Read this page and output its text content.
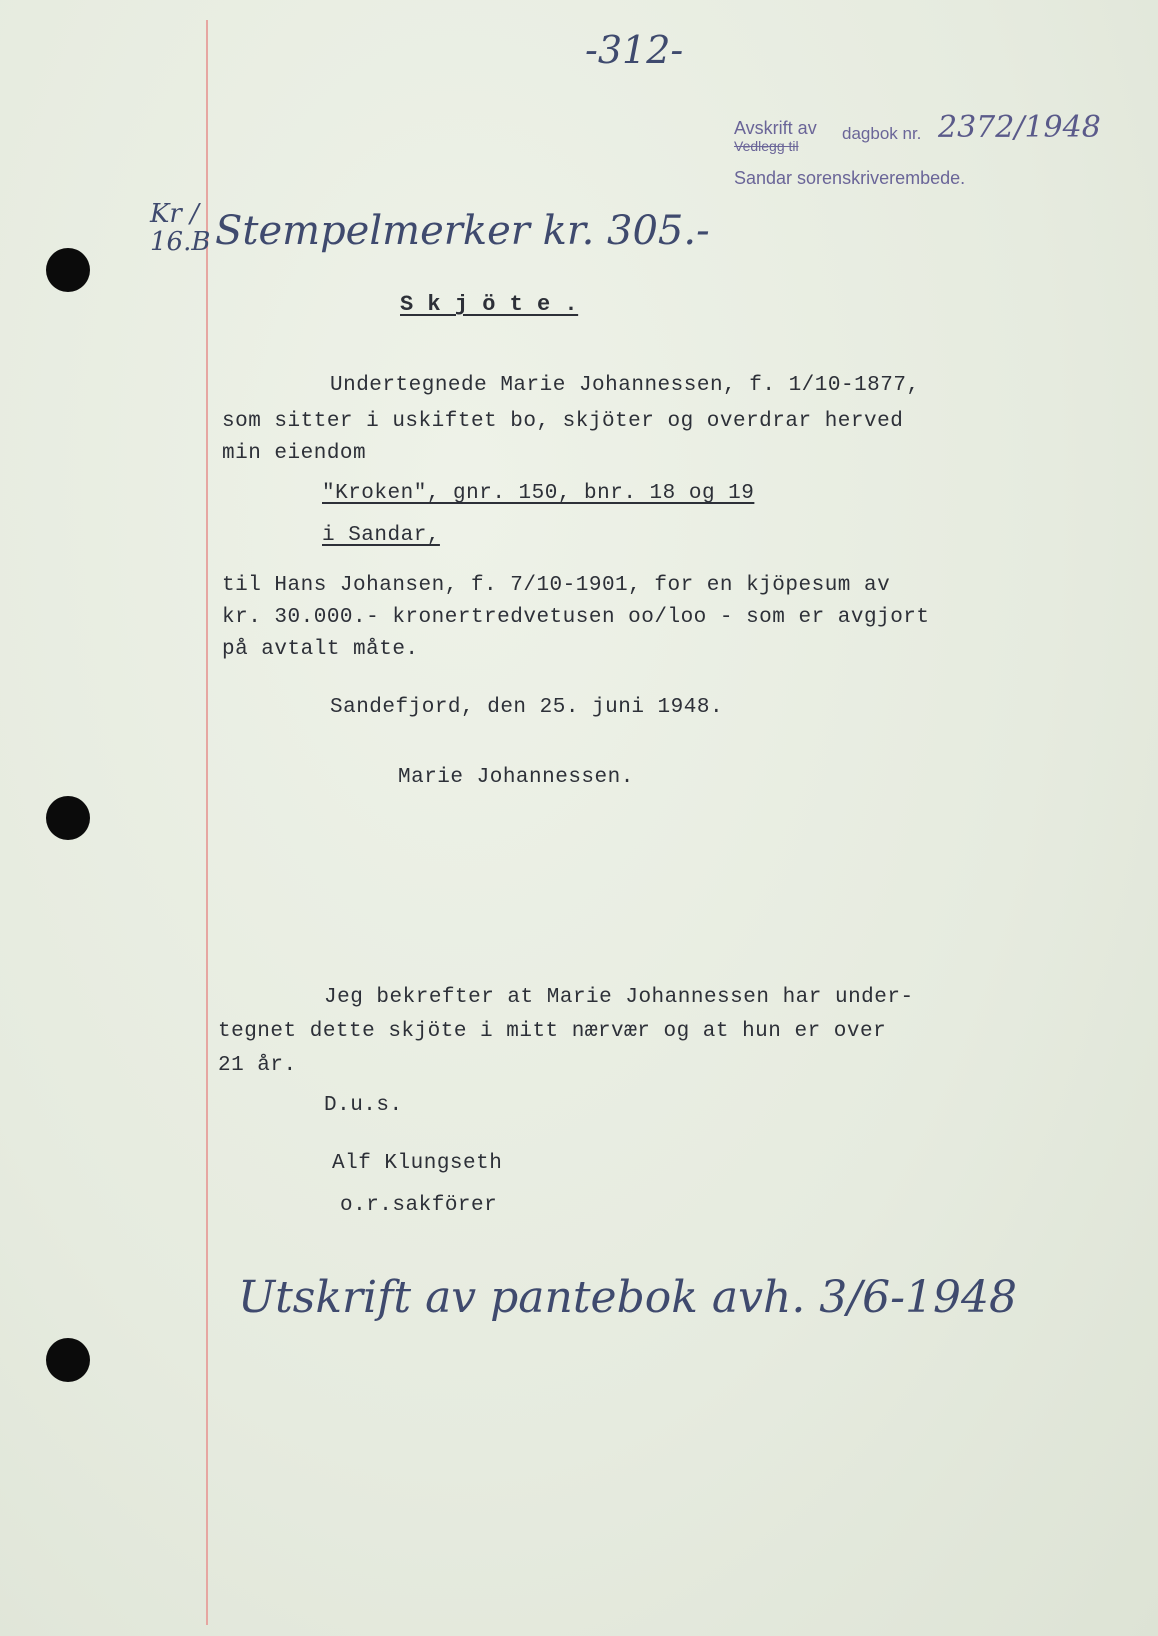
-312-
Avskrift av
Vedlegg til
dagbok nr. 2372/1948
Sandar sorenskriverembede.
Kr / 16.B Stempelmerker kr. 305.-
S k j ö t e .
Undertegnede Marie Johannessen, f. 1/10-1877,
som sitter i uskiftet bo, skjöter og overdrar herved
min eiendom
"Kroken", gnr. 150, bnr. 18 og 19
i Sandar,
til Hans Johansen, f. 7/10-1901, for en kjöpesum av
kr. 30.000.- kronertredvetusen oo/loo - som er avgjort
på avtalt måte.
Sandefjord, den 25. juni 1948.
Marie Johannessen.
Jeg bekrefter at Marie Johannessen har under-
tegnet dette skjöte i mitt nærvær og at hun er over
21 år.
D.u.s.
Alf Klungseth
o.r.sakförer
Utskrift av pantebok avh. 3/6-1948
